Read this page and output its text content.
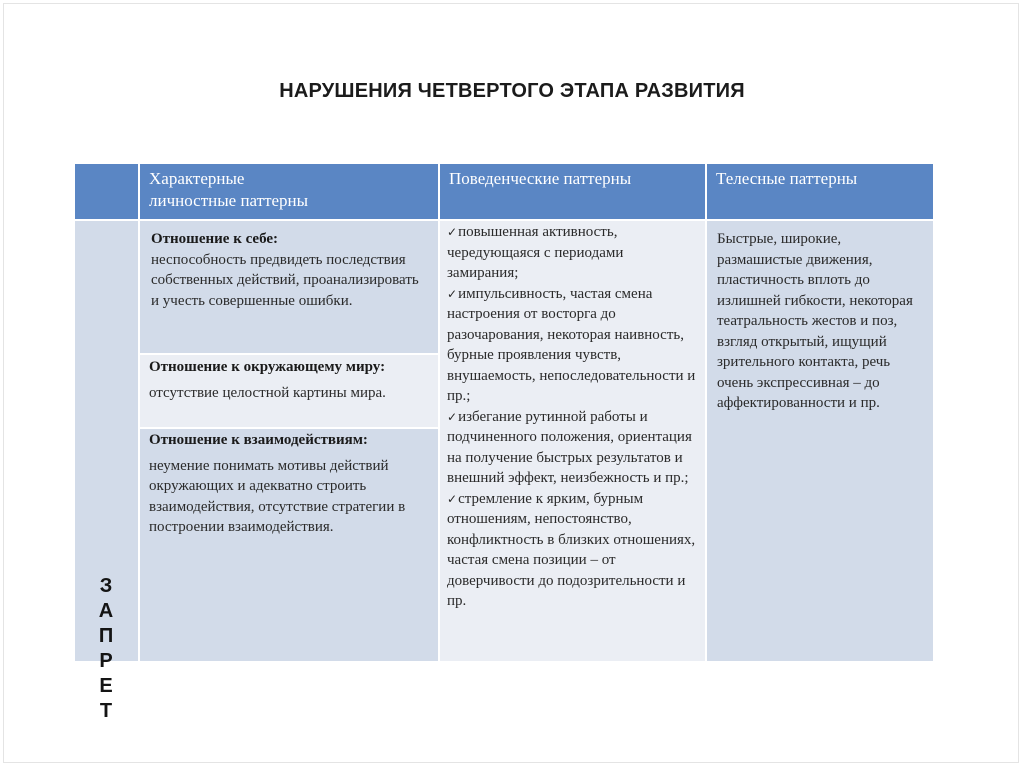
НАРУШЕНИЯ ЧЕТВЕРТОГО ЭТАПА РАЗВИТИЯ
Характерные
личностные паттерны
Поведенческие паттерны	Телесные паттерны
З
А
П
Р
Е
Т
Отношение к себе:
неспособность предвидеть последствия собственных действий, проанализировать и учесть совершенные ошибки.
Отношение к окружающему миру:
отсутствие целостной картины мира.
Отношение к взаимодействиям:
неумение понимать мотивы действий окружающих и адекватно строить взаимодействия, отсутствие стратегии в построении взаимодействия.
✓повышенная активность, чередующаяся с периодами замирания;
✓импульсивность, частая смена настроения от восторга до разочарования, некоторая наивность, бурные проявления чувств, внушаемость, непоследовательности и пр.;
✓избегание рутинной работы и подчиненного положения, ориентация на получение быстрых результатов и внешний эффект, неизбежность и пр.;
✓стремление к ярким, бурным отношениям, непостоянство, конфликтность в близких отношениях, частая смена позиции – от доверчивости до подозрительности и пр.
Быстрые, широкие, размашистые движения, пластичность вплоть до излишней гибкости, некоторая театральность жестов и поз, взгляд открытый, ищущий зрительного контакта, речь очень экспрессивная – до аффектированности и пр.
